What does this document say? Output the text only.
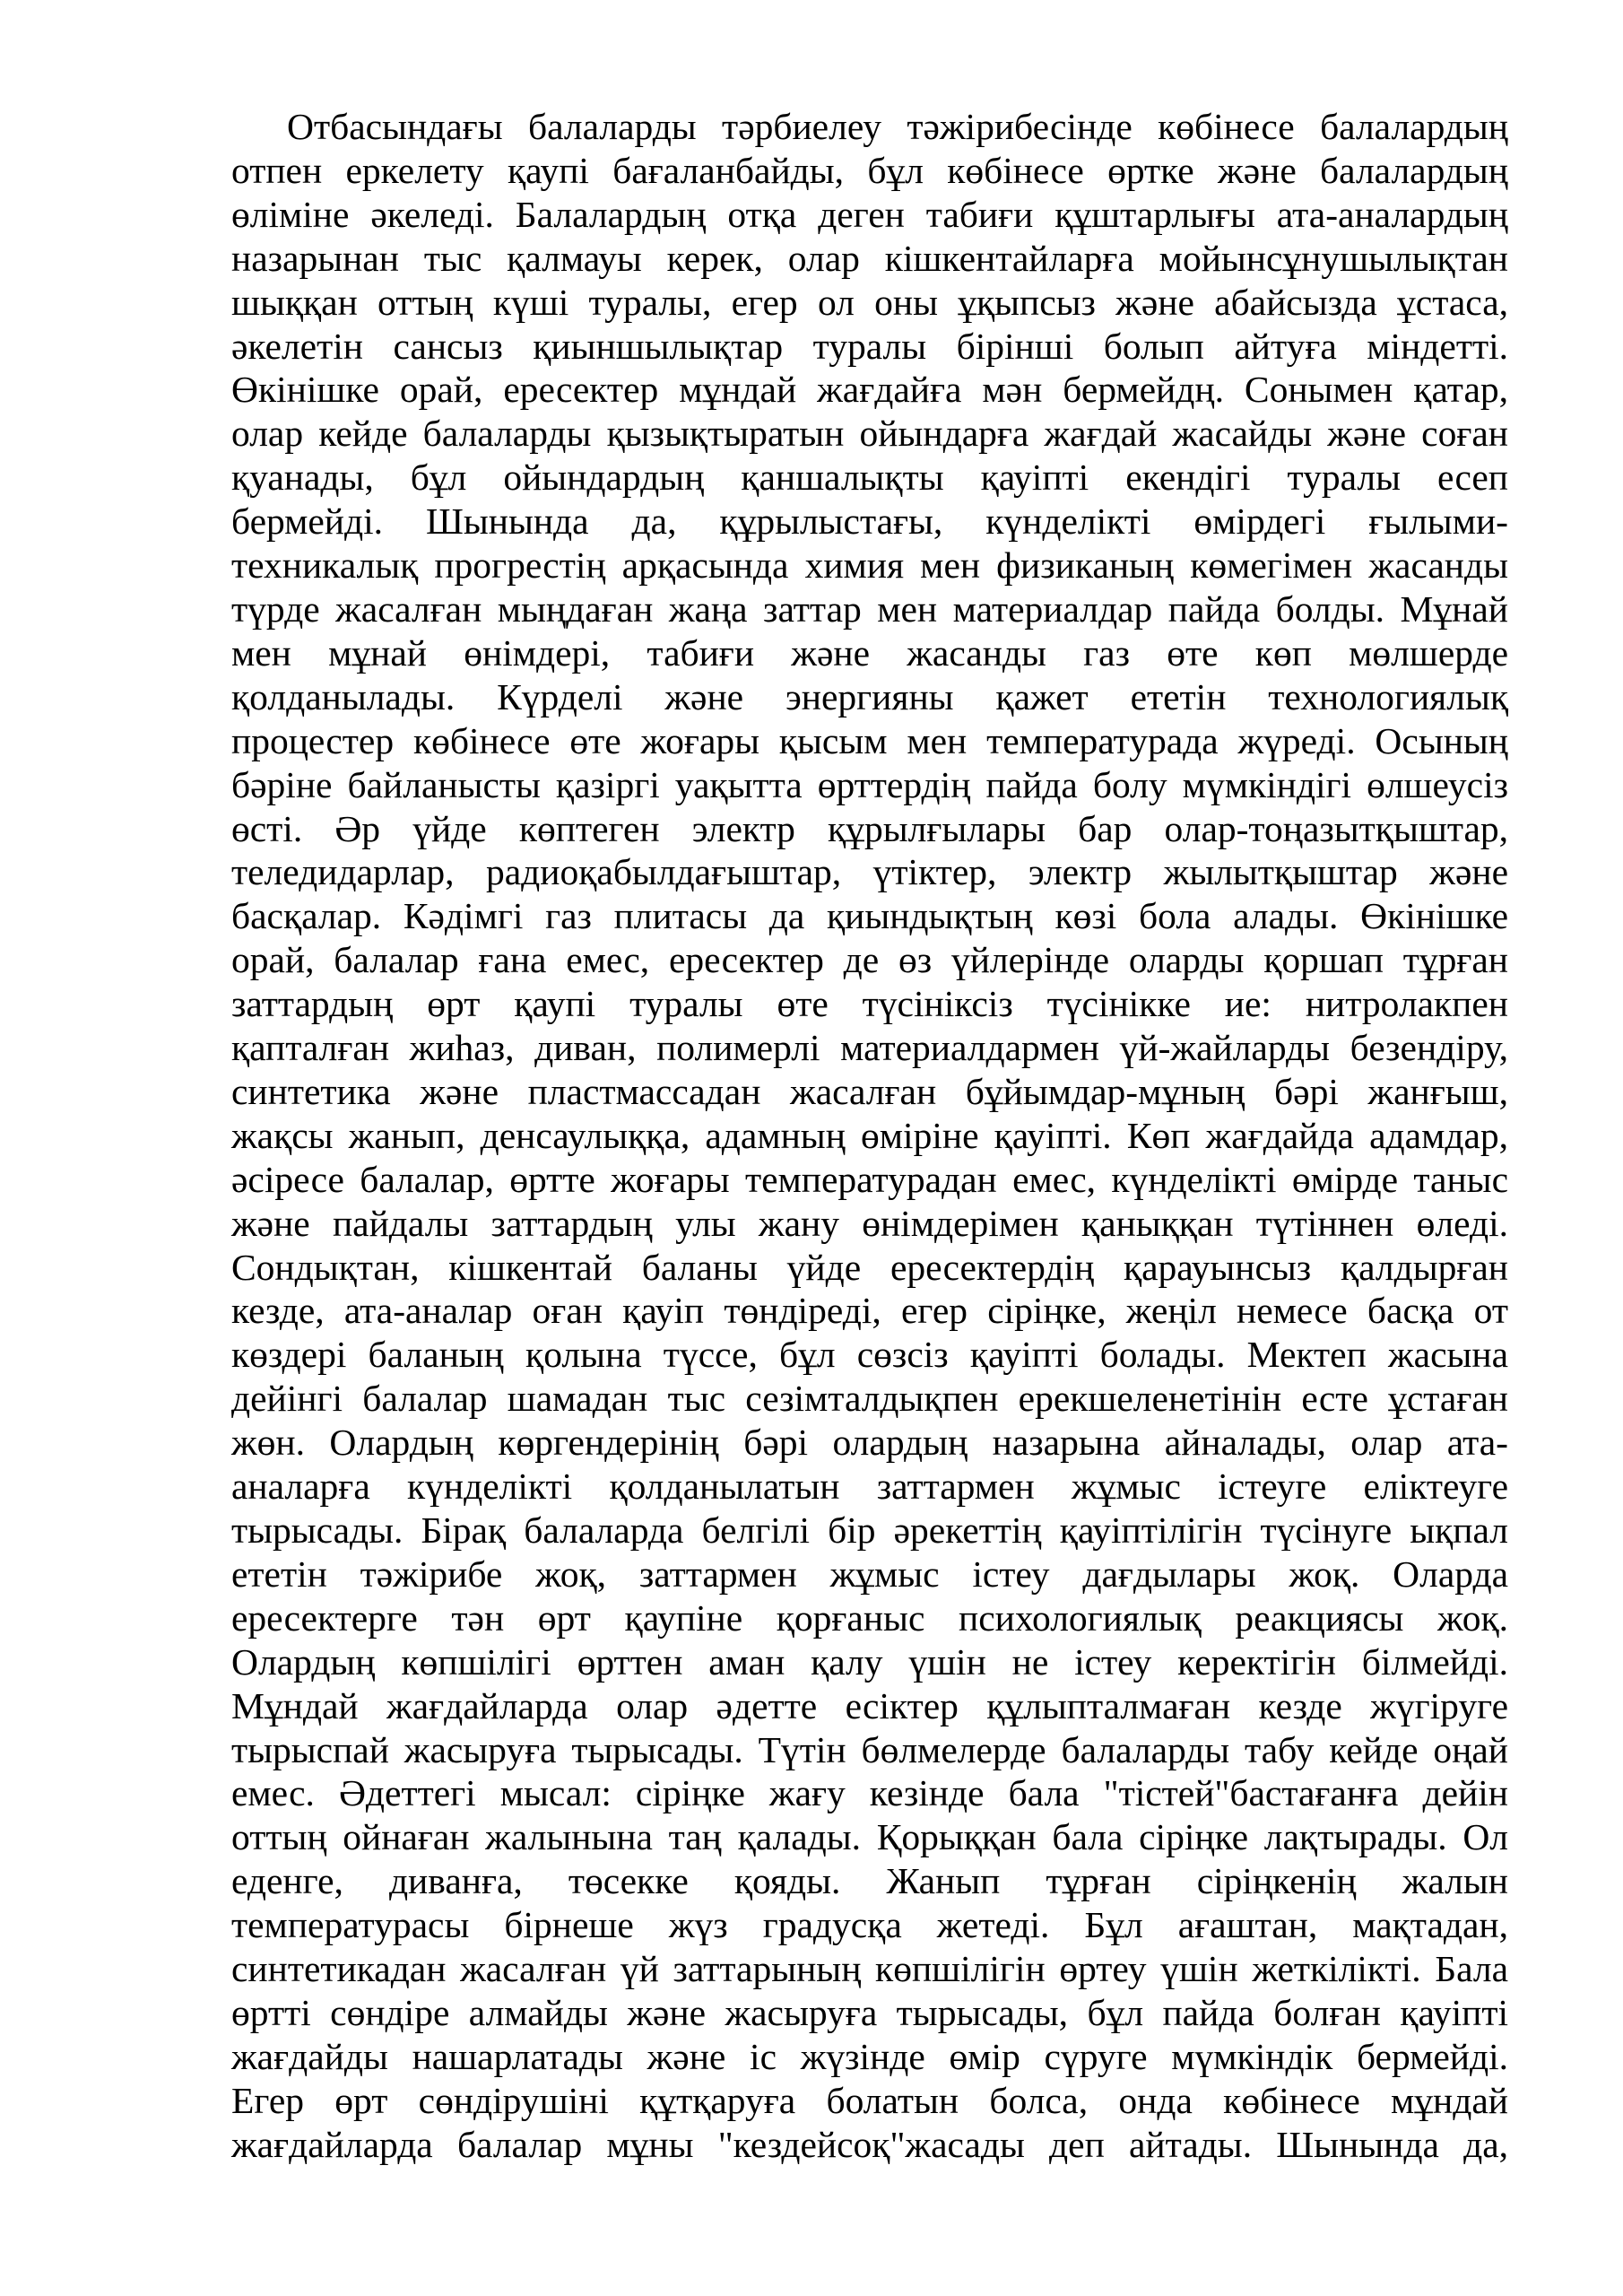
Отбасындағы балаларды тәрбиелеу тәжірибесінде көбінесе балалардың
отпен еркелету қаупі бағаланбайды, бұл көбінесе өртке және балалардың
өліміне әкеледі. Балалардың отқа деген табиғи құштарлығы ата-аналардың
назарынан тыс қалмауы керек, олар кішкентайларға мойынсұнушылықтан
шыққан оттың күші туралы, егер ол оны ұқыпсыз және абайсызда ұстаса,
әкелетін сансыз қиыншылықтар туралы бірінші болып айтуға міндетті.
Өкінішке орай, ересектер мұндай жағдайға мән бермейдң. Сонымен қатар,
олар кейде балаларды қызықтыратын ойындарға жағдай жасайды және соған
қуанады, бұл ойындардың қаншалықты қауіпті екендігі туралы есеп
бермейді. Шынында да, құрылыстағы, күнделікті өмірдегі ғылыми-
техникалық прогрестің арқасында химия мен физиканың көмегімен жасанды
түрде жасалған мыңдаған жаңа заттар мен материалдар пайда болды. Мұнай
мен мұнай өнімдері, табиғи және жасанды газ өте көп мөлшерде
қолданылады. Күрделі және энергияны қажет ететін технологиялық
процестер көбінесе өте жоғары қысым мен температурада жүреді. Осының
бәріне байланысты қазіргі уақытта өрттердің пайда болу мүмкіндігі өлшеусіз
өсті. Әр үйде көптеген электр құрылғылары бар олар-тоңазытқыштар,
теледидарлар, радиоқабылдағыштар, үтіктер, электр жылытқыштар және
басқалар. Кәдімгі газ плитасы да қиындықтың көзі бола алады. Өкінішке
орай, балалар ғана емес, ересектер де өз үйлерінде оларды қоршап тұрған
заттардың өрт қаупі туралы өте түсініксіз түсінікке ие: нитролакпен
қапталған жиһаз, диван, полимерлі материалдармен үй-жайларды безендіру,
синтетика және пластмассадан жасалған бұйымдар-мұның бәрі жанғыш,
жақсы жанып, денсаулыққа, адамның өміріне қауіпті. Көп жағдайда адамдар,
әсіресе балалар, өртте жоғары температурадан емес, күнделікті өмірде таныс
және пайдалы заттардың улы жану өнімдерімен қаныққан түтіннен өледі.
Сондықтан, кішкентай баланы үйде ересектердің қарауынсыз қалдырған
кезде, ата-аналар оған қауіп төндіреді, егер сіріңке, жеңіл немесе басқа от
көздері баланың қолына түссе, бұл сөзсіз қауіпті болады. Мектеп жасына
дейінгі балалар шамадан тыс сезімталдықпен ерекшеленетінін есте ұстаған
жөн. Олардың көргендерінің бәрі олардың назарына айналады, олар ата-
аналарға күнделікті қолданылатын заттармен жұмыс істеуге еліктеуге
тырысады. Бірақ балаларда белгілі бір әрекеттің қауіптілігін түсінуге ықпал
ететін тәжірибе жоқ, заттармен жұмыс істеу дағдылары жоқ. Оларда
ересектерге тән өрт қаупіне қорғаныс психологиялық реакциясы жоқ.
Олардың көпшілігі өрттен аман қалу үшін не істеу керектігін білмейді.
Мұндай жағдайларда олар әдетте есіктер құлыпталмаған кезде жүгіруге
тырыспай жасыруға тырысады. Түтін бөлмелерде балаларды табу кейде оңай
емес. Әдеттегі мысал: сіріңке жағу кезінде бала "тістей"бастағанға дейін
оттың ойнаған жалынына таң қалады. Қорыққан бала сіріңке лақтырады. Ол
еденге, диванға, төсекке қояды. Жанып тұрған сіріңкенің жалын
температурасы бірнеше жүз градусқа жетеді. Бұл ағаштан, мақтадан,
синтетикадан жасалған үй заттарының көпшілігін өртеу үшін жеткілікті. Бала
өртті сөндіре алмайды және жасыруға тырысады, бұл пайда болған қауіпті
жағдайды нашарлатады және іс жүзінде өмір сүруге мүмкіндік бермейді.
Егер өрт сөндірушіні құтқаруға болатын болса, онда көбінесе мұндай
жағдайларда балалар мұны "кездейсоқ"жасады деп айтады. Шынында да,
